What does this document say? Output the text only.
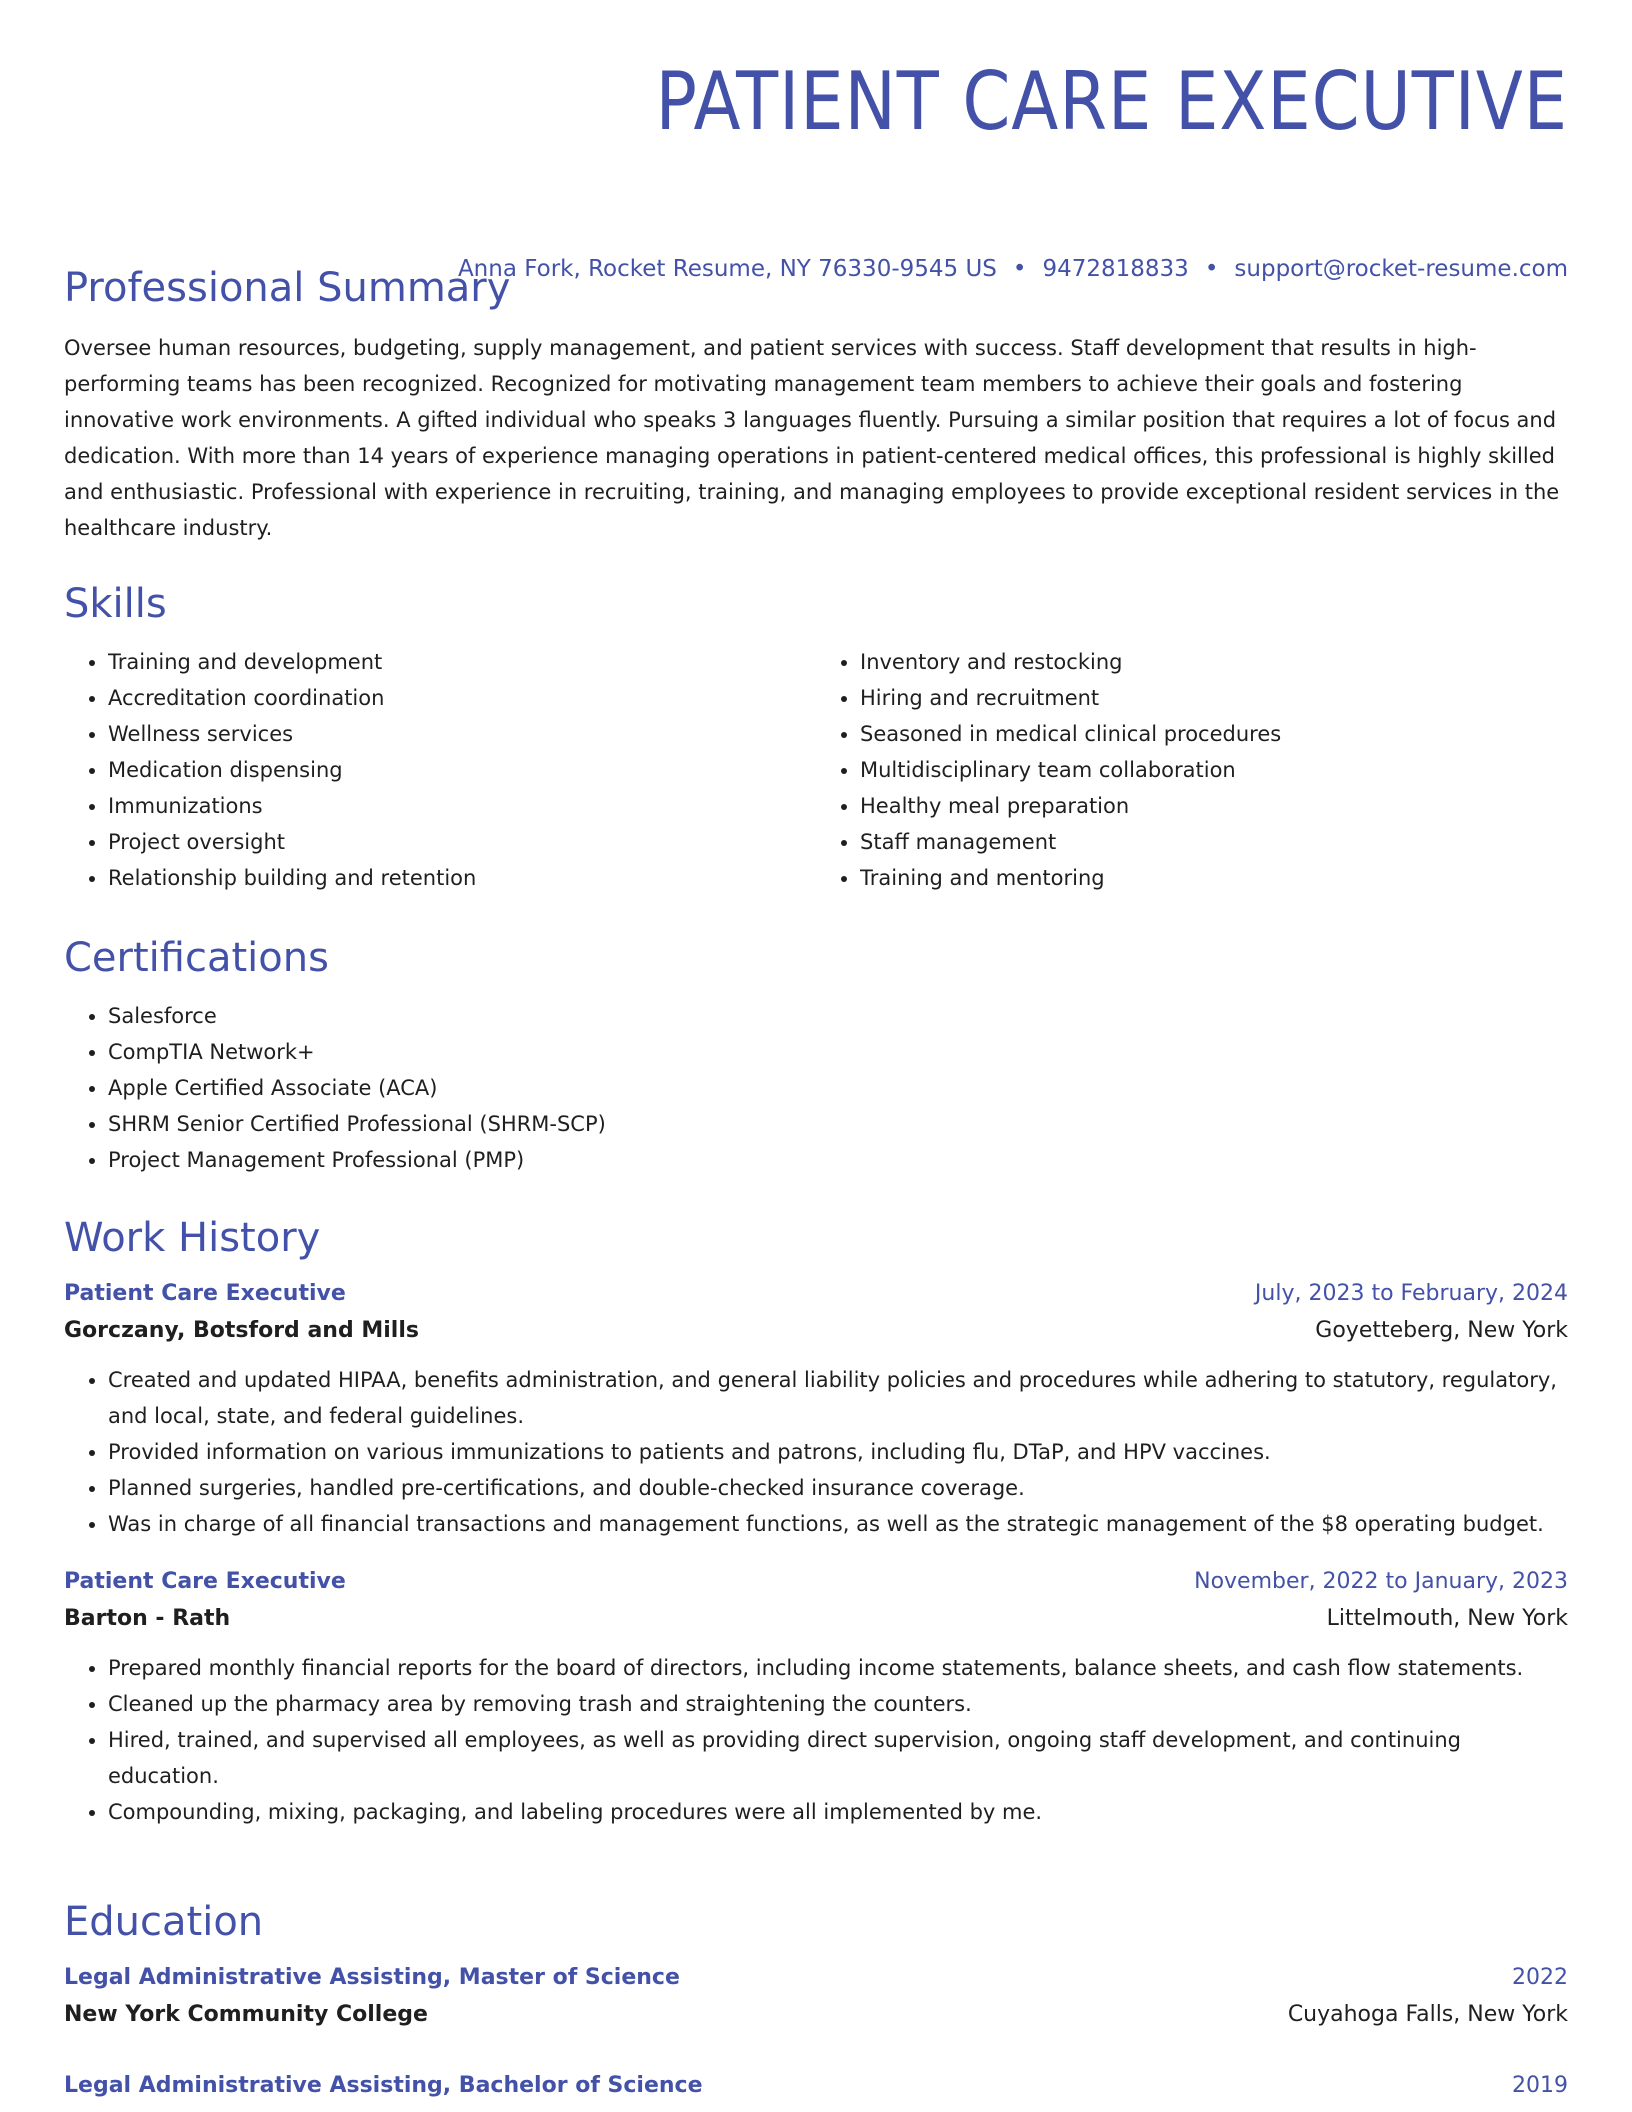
PATIENT CARE EXECUTIVE
Anna Fork, Rocket Resume, NY 76330-9545 US • 9472818833 • support@rocket-resume.com
Professional Summary
Oversee human resources, budgeting, supply management, and patient services with success. Staff development that results in high-performing teams has been recognized. Recognized for motivating management team members to achieve their goals and fostering innovative work environments. A gifted individual who speaks 3 languages fluently. Pursuing a similar position that requires a lot of focus and dedication. With more than 14 years of experience managing operations in patient-centered medical offices, this professional is highly skilled and enthusiastic. Professional with experience in recruiting, training, and managing employees to provide exceptional resident services in the healthcare industry.
Skills
• Training and development
• Accreditation coordination
• Wellness services
• Medication dispensing
• Immunizations
• Project oversight
• Relationship building and retention
• Inventory and restocking
• Hiring and recruitment
• Seasoned in medical clinical procedures
• Multidisciplinary team collaboration
• Healthy meal preparation
• Staff management
• Training and mentoring
Certifications
• Salesforce
• CompTIA Network+
• Apple Certified Associate (ACA)
• SHRM Senior Certified Professional (SHRM-SCP)
• Project Management Professional (PMP)
Work History
Patient Care Executive	July, 2023 to February, 2024
Gorczany, Botsford and Mills	Goyetteberg, New York
• Created and updated HIPAA, benefits administration, and general liability policies and procedures while adhering to statutory, regulatory, and local, state, and federal guidelines.
• Provided information on various immunizations to patients and patrons, including flu, DTaP, and HPV vaccines.
• Planned surgeries, handled pre-certifications, and double-checked insurance coverage.
• Was in charge of all financial transactions and management functions, as well as the strategic management of the $8 operating budget.
Patient Care Executive	November, 2022 to January, 2023
Barton - Rath	Littelmouth, New York
• Prepared monthly financial reports for the board of directors, including income statements, balance sheets, and cash flow statements.
• Cleaned up the pharmacy area by removing trash and straightening the counters.
• Hired, trained, and supervised all employees, as well as providing direct supervision, ongoing staff development, and continuing education.
• Compounding, mixing, packaging, and labeling procedures were all implemented by me.
Education
Legal Administrative Assisting, Master of Science	2022
New York Community College	Cuyahoga Falls, New York
Legal Administrative Assisting, Bachelor of Science	2019
